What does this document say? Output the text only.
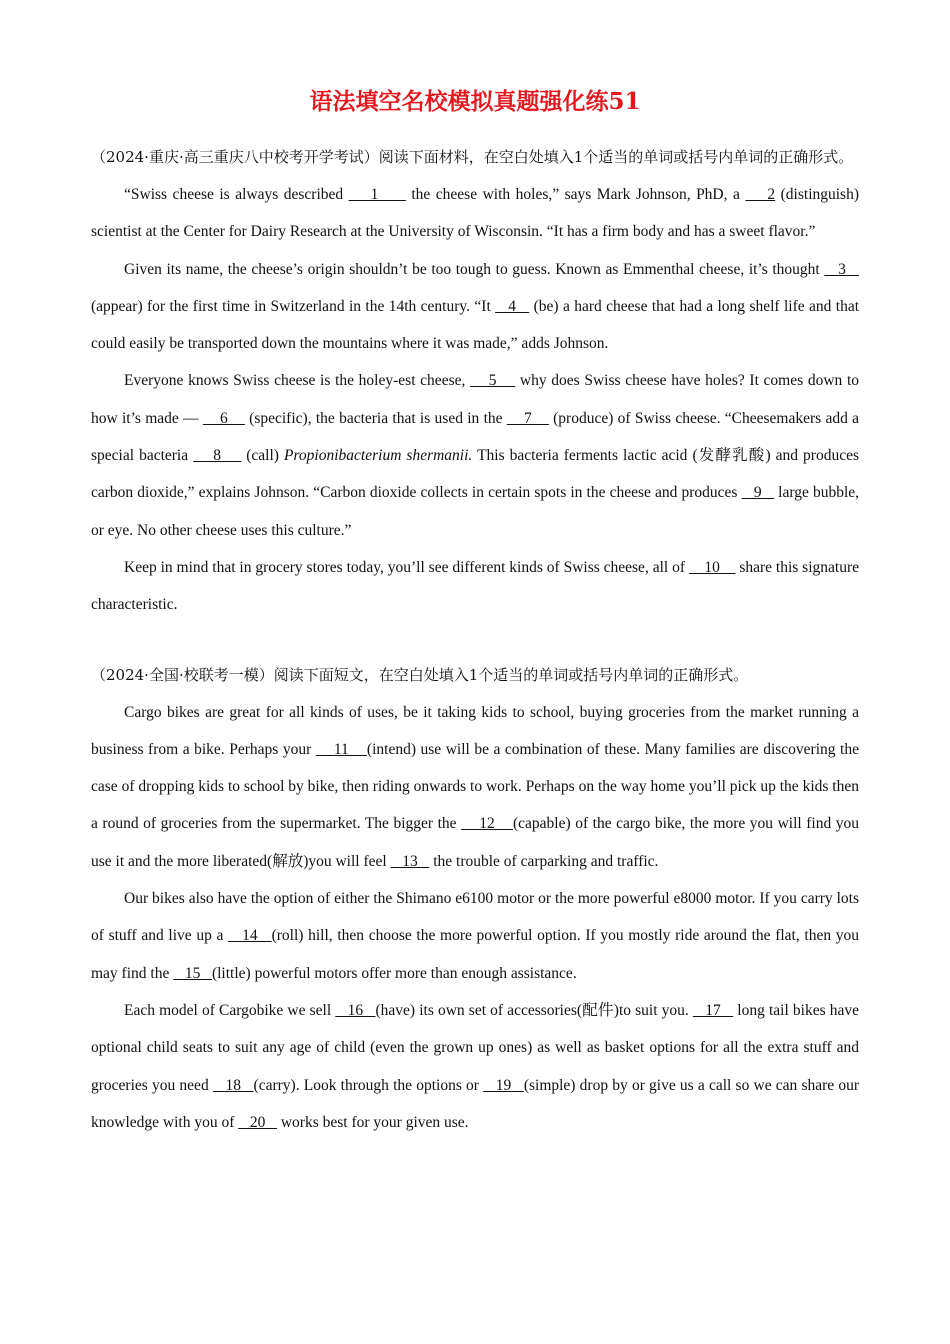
语法填空名校模拟真题强化练51

（2024·重庆·高三重庆八中校考开学考试）阅读下面材料，在空白处填入1个适当的单词或括号内单词的正确形式。

“Swiss cheese is always described     1      the cheese with holes,” says Mark Johnson, PhD, a     2 (distinguish) scientist at the Center for Dairy Research at the University of Wisconsin. “It has a firm body and has a sweet flavor.”

Given its name, the cheese’s origin shouldn’t be too tough to guess. Known as Emmenthal cheese, it’s thought    3    (appear) for the first time in Switzerland in the 14th century. “It    4    (be) a hard cheese that had a long shelf life and that could easily be transported down the mountains where it was made,” adds Johnson.

Everyone knows Swiss cheese is the holey-est cheese,     5     why does Swiss cheese have holes? It comes down to how it’s made —     6     (specific), the bacteria that is used in the     7     (produce) of Swiss cheese. “Cheesemakers add a special bacteria     8     (call) Propionibacterium shermanii. This bacteria ferments lactic acid (发酵乳酸) and produces carbon dioxide,” explains Johnson. “Carbon dioxide collects in certain spots in the cheese and produces    9    large bubble, or eye. No other cheese uses this culture.”

Keep in mind that in grocery stores today, you’ll see different kinds of Swiss cheese, all of     10     share this signature characteristic.

（2024·全国·校联考一模）阅读下面短文，在空白处填入1个适当的单词或括号内单词的正确形式。

Cargo bikes are great for all kinds of uses, be it taking kids to school, buying groceries from the market running a business from a bike. Perhaps your     11    (intend) use will be a combination of these. Many families are discovering the case of dropping kids to school by bike, then riding onwards to work. Perhaps on the way home you’ll pick up the kids then a round of groceries from the supermarket. The bigger the     12    (capable) of the cargo bike, the more you will find you use it and the more liberated(解放)you will feel    13    the trouble of carparking and traffic.

Our bikes also have the option of either the Shimano e6100 motor or the more powerful e8000 motor. If you carry lots of stuff and live up a    14   (roll) hill, then choose the more powerful option. If you mostly ride around the flat, then you may find the    15   (little) powerful motors offer more than enough assistance.

Each model of Cargobike we sell    16   (have) its own set of accessories(配件)to suit you.    17    long tail bikes have optional child seats to suit any age of child (even the grown up ones) as well as basket options for all the extra stuff and groceries you need    18   (carry). Look through the options or    19   (simple) drop by or give us a call so we can share our knowledge with you of    20    works best for your given use.
